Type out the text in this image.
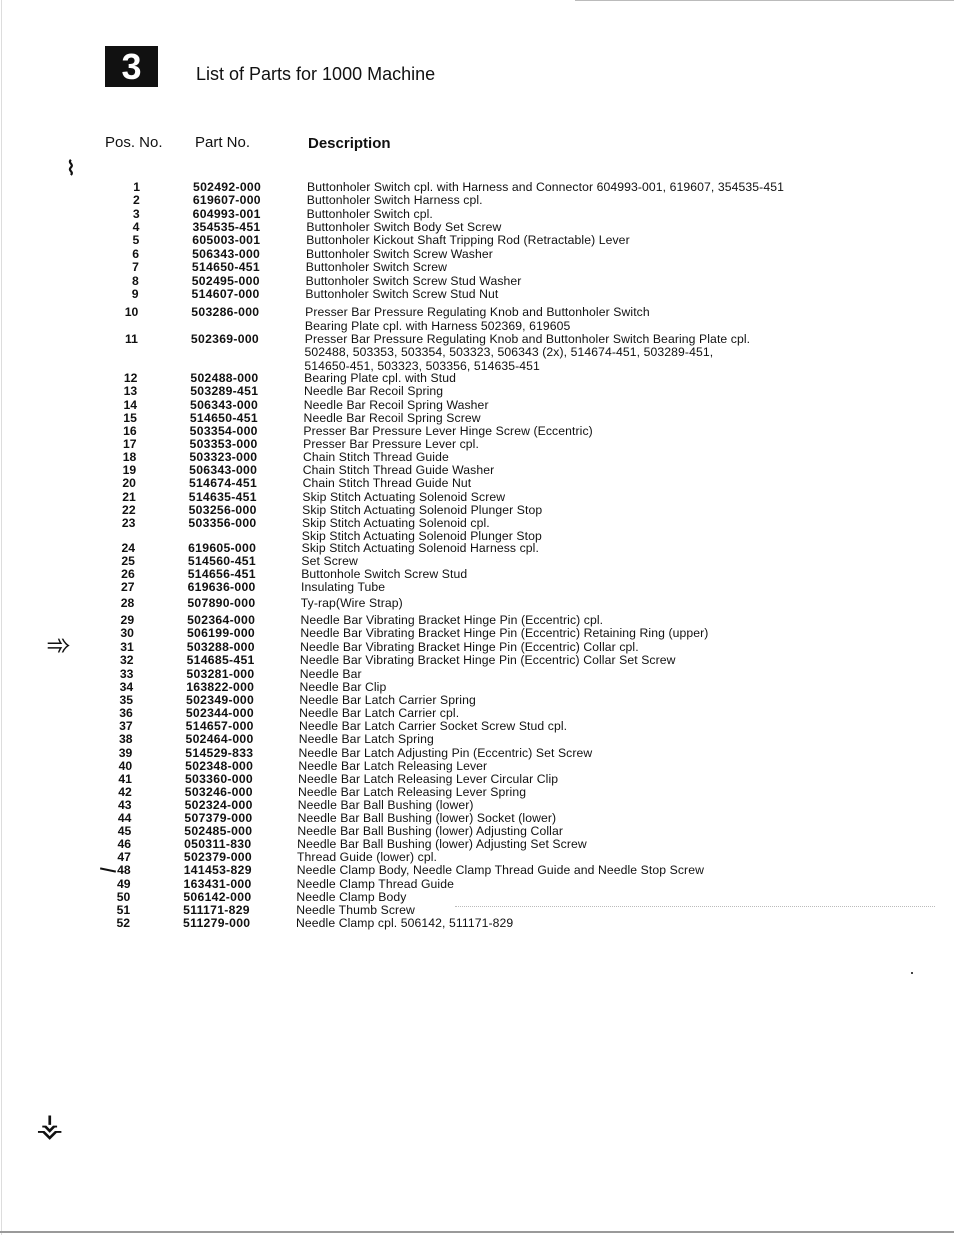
3	List of Parts for 1000 Machine
Pos. No. Part No.	Description
⌇
➾
⚶
1	502492-000	Buttonholer Switch cpl. with Harness and Connector 604993-001, 619607, 354535-451
2	619607-000	Buttonholer Switch Harness cpl.
3	604993-001	Buttonholer Switch cpl.
4	354535-451	Buttonholer Switch Body Set Screw
5	605003-001	Buttonholer Kickout Shaft Tripping Rod (Retractable) Lever
6	506343-000	Buttonholer Switch Screw Washer
7	514650-451	Buttonholer Switch Screw
8	502495-000	Buttonholer Switch Screw Stud Washer
9	514607-000	Buttonholer Switch Screw Stud Nut
10	503286-000	Presser Bar Pressure Regulating Knob and Buttonholer Switch
Bearing Plate cpl. with Harness 502369, 619605
11	502369-000	Presser Bar Pressure Regulating Knob and Buttonholer Switch Bearing Plate cpl.
502488, 503353, 503354, 503323, 506343 (2x), 514674-451, 503289-451,
514650-451, 503323, 503356, 514635-451
12	502488-000	Bearing Plate cpl. with Stud
13	503289-451	Needle Bar Recoil Spring
14	506343-000	Needle Bar Recoil Spring Washer
15	514650-451	Needle Bar Recoil Spring Screw
16	503354-000	Presser Bar Pressure Lever Hinge Screw (Eccentric)
17	503353-000	Presser Bar Pressure Lever cpl.
18	503323-000	Chain Stitch Thread Guide
19	506343-000	Chain Stitch Thread Guide Washer
20	514674-451	Chain Stitch Thread Guide Nut
21	514635-451	Skip Stitch Actuating Solenoid Screw
22	503256-000	Skip Stitch Actuating Solenoid Plunger Stop
23	503356-000	Skip Stitch Actuating Solenoid cpl.
Skip Stitch Actuating Solenoid Plunger Stop
24	619605-000	Skip Stitch Actuating Solenoid Harness cpl.
25	514560-451	Set Screw
26	514656-451	Buttonhole Switch Screw Stud
27	619636-000	Insulating Tube
28	507890-000	Ty-rap(Wire Strap)
29	502364-000	Needle Bar Vibrating Bracket Hinge Pin (Eccentric) cpl.
30	506199-000	Needle Bar Vibrating Bracket Hinge Pin (Eccentric) Retaining Ring (upper)
31	503288-000	Needle Bar Vibrating Bracket Hinge Pin (Eccentric) Collar cpl.
32	514685-451	Needle Bar Vibrating Bracket Hinge Pin (Eccentric) Collar Set Screw
33	503281-000	Needle Bar
34	163822-000	Needle Bar Clip
35	502349-000	Needle Bar Latch Carrier Spring
36	502344-000	Needle Bar Latch Carrier cpl.
37	514657-000	Needle Bar Latch Carrier Socket Screw Stud cpl.
38	502464-000	Needle Bar Latch Spring
39	514529-833	Needle Bar Latch Adjusting Pin (Eccentric) Set Screw
40	502348-000	Needle Bar Latch Releasing Lever
41	503360-000	Needle Bar Latch Releasing Lever Circular Clip
42	503246-000	Needle Bar Latch Releasing Lever Spring
43	502324-000	Needle Bar Ball Bushing (lower)
44	507379-000	Needle Bar Ball Bushing (lower) Socket (lower)
45	502485-000	Needle Bar Ball Bushing (lower) Adjusting Collar
46	050311-830	Needle Bar Ball Bushing (lower) Adjusting Set Screw
47	502379-000	Thread Guide (lower) cpl.
48	141453-829	Needle Clamp Body, Needle Clamp Thread Guide and Needle Stop Screw
49	163431-000	Needle Clamp Thread Guide
50	506142-000	Needle Clamp Body
51	511171-829	Needle Thumb Screw
52	511279-000	Needle Clamp cpl. 506142, 511171-829
